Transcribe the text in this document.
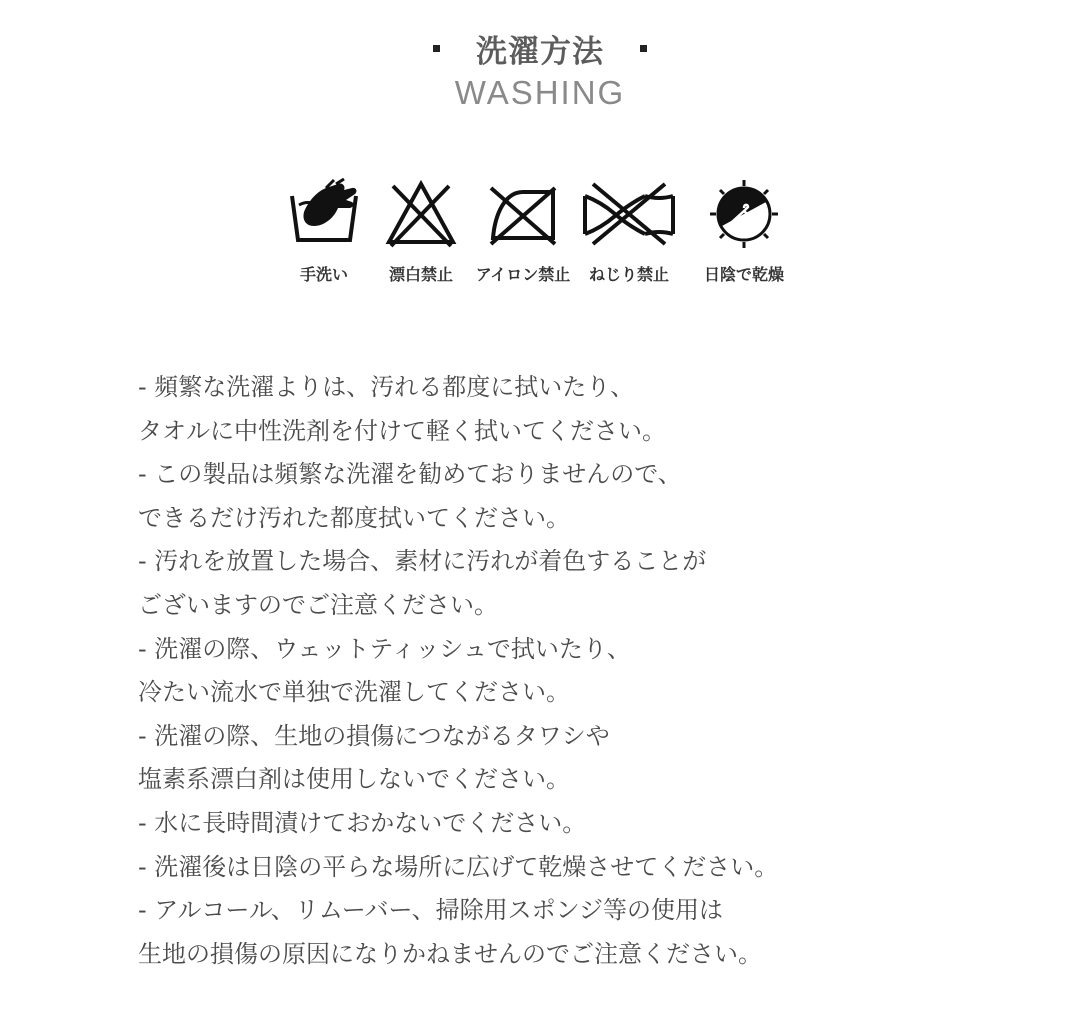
洗濯方法
WASHING
手洗い	漂白禁止	アイロン禁止	ねじり禁止	日陰で乾燥
- 頻繁な洗濯よりは、汚れる都度に拭いたり、
タオルに中性洗剤を付けて軽く拭いてください。
- この製品は頻繁な洗濯を勧めておりませんので、
できるだけ汚れた都度拭いてください。
- 汚れを放置した場合、素材に汚れが着色することが
ございますのでご注意ください。
- 洗濯の際、ウェットティッシュで拭いたり、
冷たい流水で単独で洗濯してください。
- 洗濯の際、生地の損傷につながるタワシや
塩素系漂白剤は使用しないでください。
- 水に長時間漬けておかないでください。
- 洗濯後は日陰の平らな場所に広げて乾燥させてください。
- アルコール、リムーバー、掃除用スポンジ等の使用は
生地の損傷の原因になりかねませんのでご注意ください。
